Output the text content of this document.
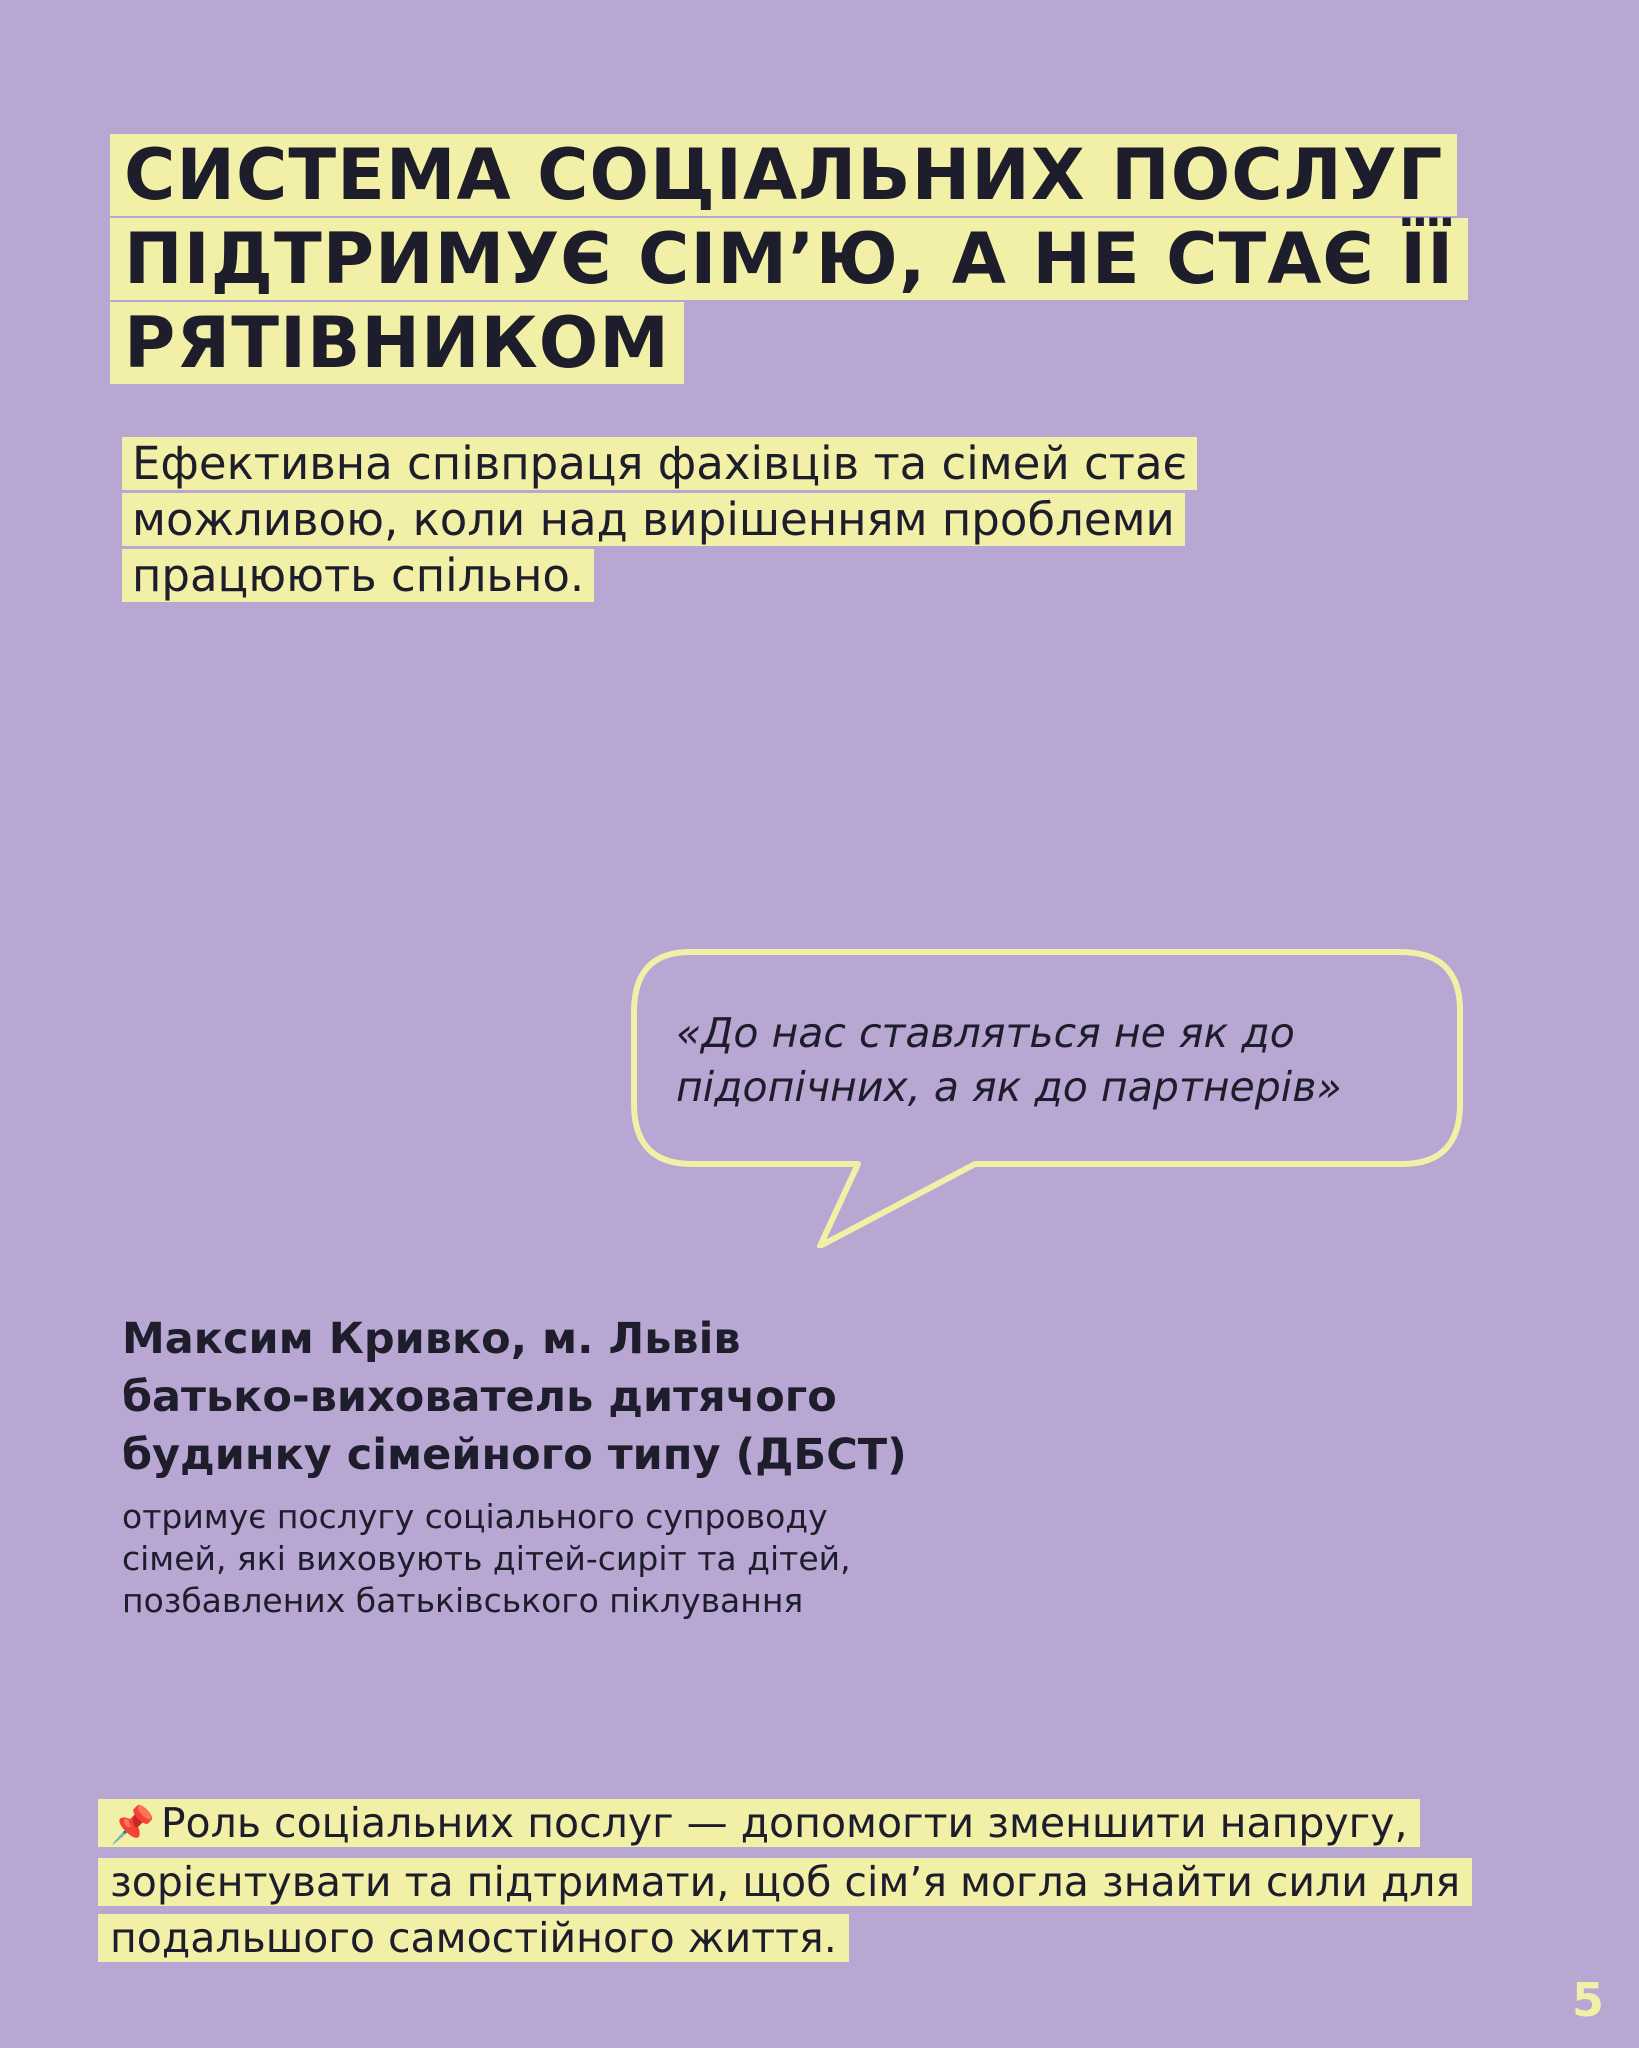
СИСТЕМА СОЦІАЛЬНИХ ПОСЛУГ ПІДТРИМУЄ СІМ’Ю, А НЕ СТАЄ ЇЇ РЯТІВНИКОМ

Ефективна співпраця фахівців та сімей стає можливою, коли над вирішенням проблеми працюють спільно.

«До нас ставляться не як до підопічних, а як до партнерів»

Максим Кривко, м. Львів
батько-вихователь дитячого
будинку сімейного типу (ДБСТ)

отримує послугу соціального супроводу сімей, які виховують дітей-сиріт та дітей, позбавлених батьківського піклування

📌 Роль соціальних послуг — допомогти зменшити напругу, зорієнтувати та підтримати, щоб сім’я могла знайти сили для подальшого самостійного життя.

5
